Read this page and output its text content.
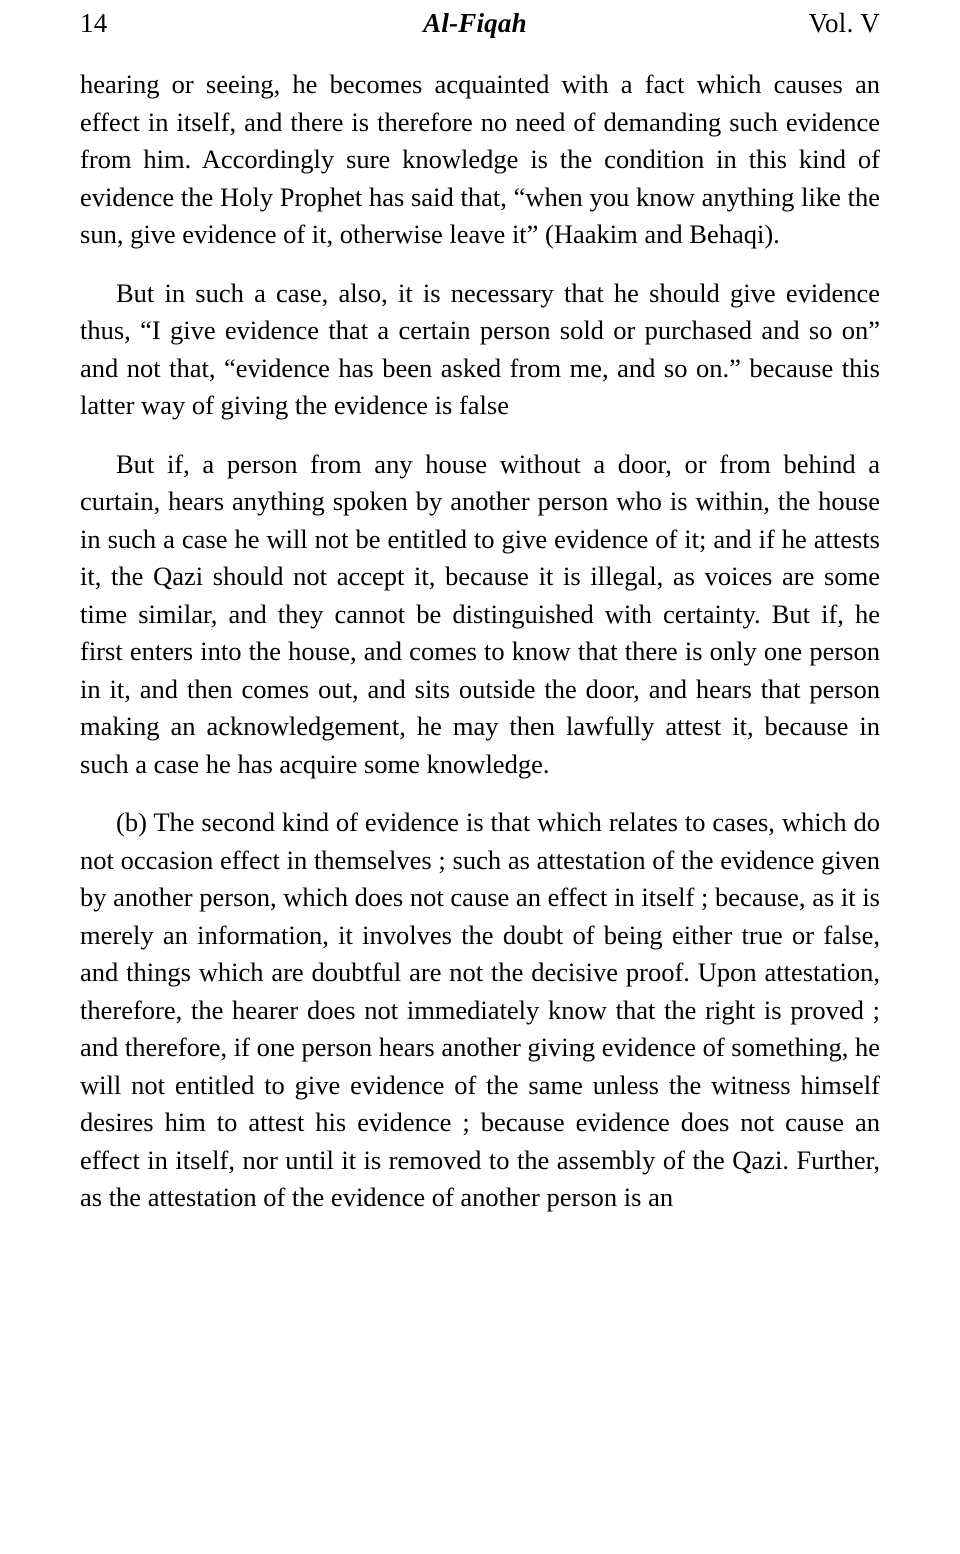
14	Al-Fiqah	Vol. V

hearing or seeing, he becomes acquainted with a fact which causes an effect in itself, and there is therefore no need of demanding such evidence from him. Accordingly sure knowledge is the condition in this kind of evidence the Holy Prophet has said that, “when you know anything like the sun, give evidence of it, otherwise leave it” (Haakim and Behaqi).

But in such a case, also, it is necessary that he should give evidence thus, “I give evidence that a certain person sold or purchased and so on” and not that, “evidence has been asked from me, and so on.” because this latter way of giving the evidence is false

But if, a person from any house without a door, or from behind a curtain, hears anything spoken by another person who is within, the house in such a case he will not be entitled to give evidence of it; and if he attests it, the Qazi should not accept it, because it is illegal, as voices are some time similar, and they cannot be distinguished with certainty. But if, he first enters into the house, and comes to know that there is only one person in it, and then comes out, and sits outside the door, and hears that person making an acknowledgement, he may then lawfully attest it, because in such a case he has acquire some knowledge.

(b) The second kind of evidence is that which relates to cases, which do not occasion effect in themselves ; such as attestation of the evidence given by another person, which does not cause an effect in itself ; because, as it is merely an information, it involves the doubt of being either true or false, and things which are doubtful are not the decisive proof. Upon attestation, therefore, the hearer does not immediately know that the right is proved ; and therefore, if one person hears another giving evidence of something, he will not entitled to give evidence of the same unless the witness himself desires him to attest his evidence ; because evidence does not cause an effect in itself, nor until it is removed to the assembly of the Qazi. Further, as the attestation of the evidence of another person is an
